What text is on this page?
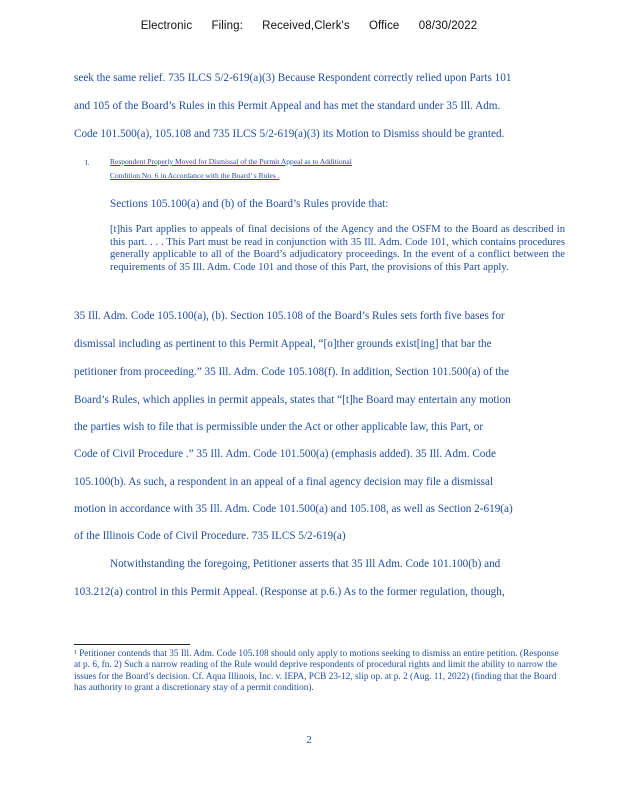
Electronic Filing: Received,Clerk's Office 08/30/2022
seek the same relief. 735 ILCS 5/2-619(a)(3) Because Respondent correctly relied upon Parts 101
and 105 of the Board’s Rules in this Permit Appeal and has met the standard under 35 Ill. Adm.
Code 101.500(a), 105.108 and 735 ILCS 5/2-619(a)(3) its Motion to Dismiss should be granted.
I.	Respondent Properly Moved for Dismissal of the Permit Appeal as to Additional
Condition No. 6 in Accordance with the Board’ s Rules .
Sections 105.100(a) and (b) of the Board’s Rules provide that:
[t]his Part applies to appeals of final decisions of the Agency and the OSFM to the Board as described in this part. . . . This Part must be read in conjunction with 35 Ill. Adm. Code 101, which contains procedures generally applicable to all of the Board’s adjudicatory proceedings. In the event of a conflict between the requirements of 35 Ill. Adm. Code 101 and those of this Part, the provisions of this Part apply.
35 Ill. Adm. Code 105.100(a), (b). Section 105.108 of the Board’s Rules sets forth five bases for
dismissal including as pertinent to this Permit Appeal, “[o]ther grounds exist[ing] that bar the
petitioner from proceeding.” 35 Ill. Adm. Code 105.108(f). In addition, Section 101.500(a) of the
Board’s Rules, which applies in permit appeals, states that “[t]he Board may entertain any motion
the parties wish to file that is permissible under the Act or other applicable law, this Part, or
Code of Civil Procedure .” 35 Ill. Adm. Code 101.500(a) (emphasis added). 35 Ill. Adm. Code
105.100(b). As such, a respondent in an appeal of a final agency decision may file a dismissal
motion in accordance with 35 Ill. Adm. Code 101.500(a) and 105.108, as well as Section 2-619(a)
of the Illinois Code of Civil Procedure. 735 ILCS 5/2-619(a)
Notwithstanding the foregoing, Petitioner asserts that 35 Ill Adm. Code 101.100(b) and
103.212(a) control in this Permit Appeal. (Response at p.6.) As to the former regulation, though,
¹ Petitioner contends that 35 Ill. Adm. Code 105.108 should only apply to motions seeking to dismiss an entire petition. (Response at p. 6, fn. 2) Such a narrow reading of the Rule would deprive respondents of procedural rights and limit the ability to narrow the issues for the Board’s decision. Cf. Aqua Illinois, Inc. v. IEPA, PCB 23-12, slip op. at p. 2 (Aug. 11, 2022) (finding that the Board has authority to grant a discretionary stay of a permit condition).
2
